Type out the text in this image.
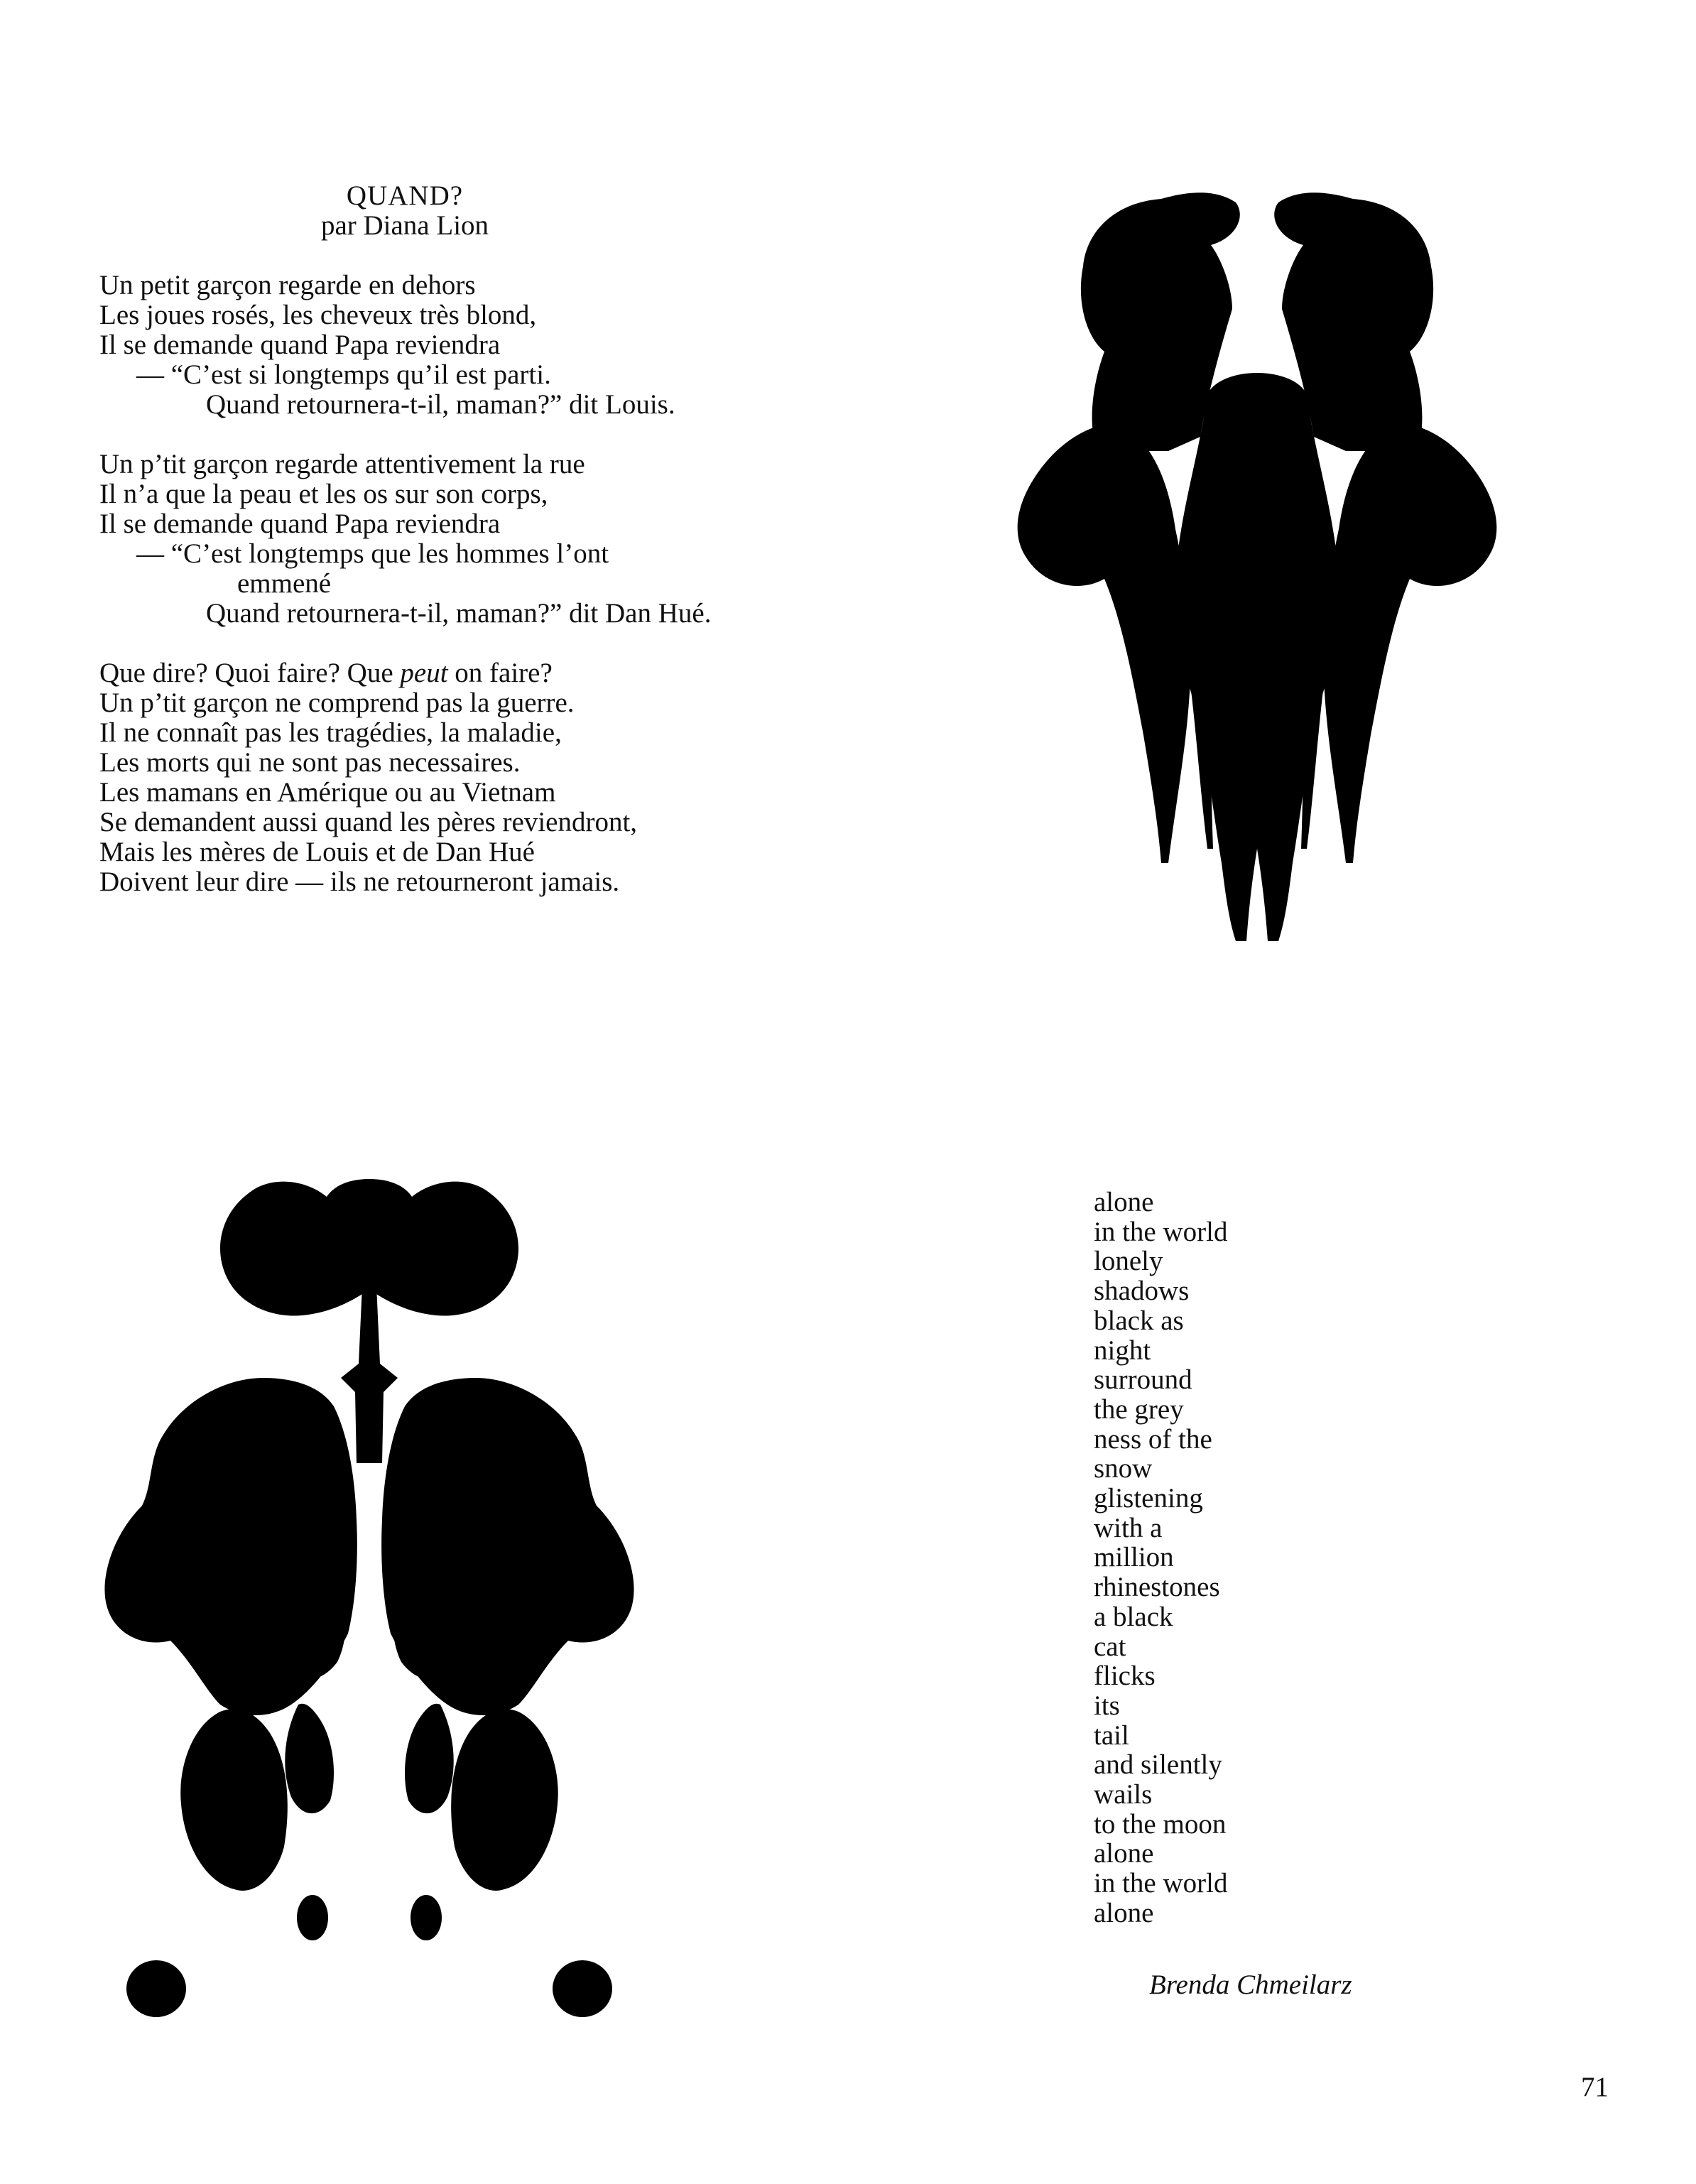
QUAND?
par Diana Lion
Un petit garçon regarde en dehors
Les joues rosés, les cheveux très blond,
Il se demande quand Papa reviendra
— “C’est si longtemps qu’il est parti.
Quand retournera-t-il, maman?” dit Louis.
Un p’tit garçon regarde attentivement la rue
Il n’a que la peau et les os sur son corps,
Il se demande quand Papa reviendra
— “C’est longtemps que les hommes l’ont
emmené
Quand retournera-t-il, maman?” dit Dan Hué.
Que dire? Quoi faire? Que peut on faire?
Un p’tit garçon ne comprend pas la guerre.
Il ne connaît pas les tragédies, la maladie,
Les morts qui ne sont pas necessaires.
Les mamans en Amérique ou au Vietnam
Se demandent aussi quand les pères reviendront,
Mais les mères de Louis et de Dan Hué
Doivent leur dire — ils ne retourneront jamais.
alone
in the world
lonely
shadows
black as
night
surround
the grey
ness of the
snow
glistening
with a
million
rhinestones
a black
cat
flicks
its
tail
and silently
wails
to the moon
alone
in the world
alone
Brenda Chmeilarz
71
